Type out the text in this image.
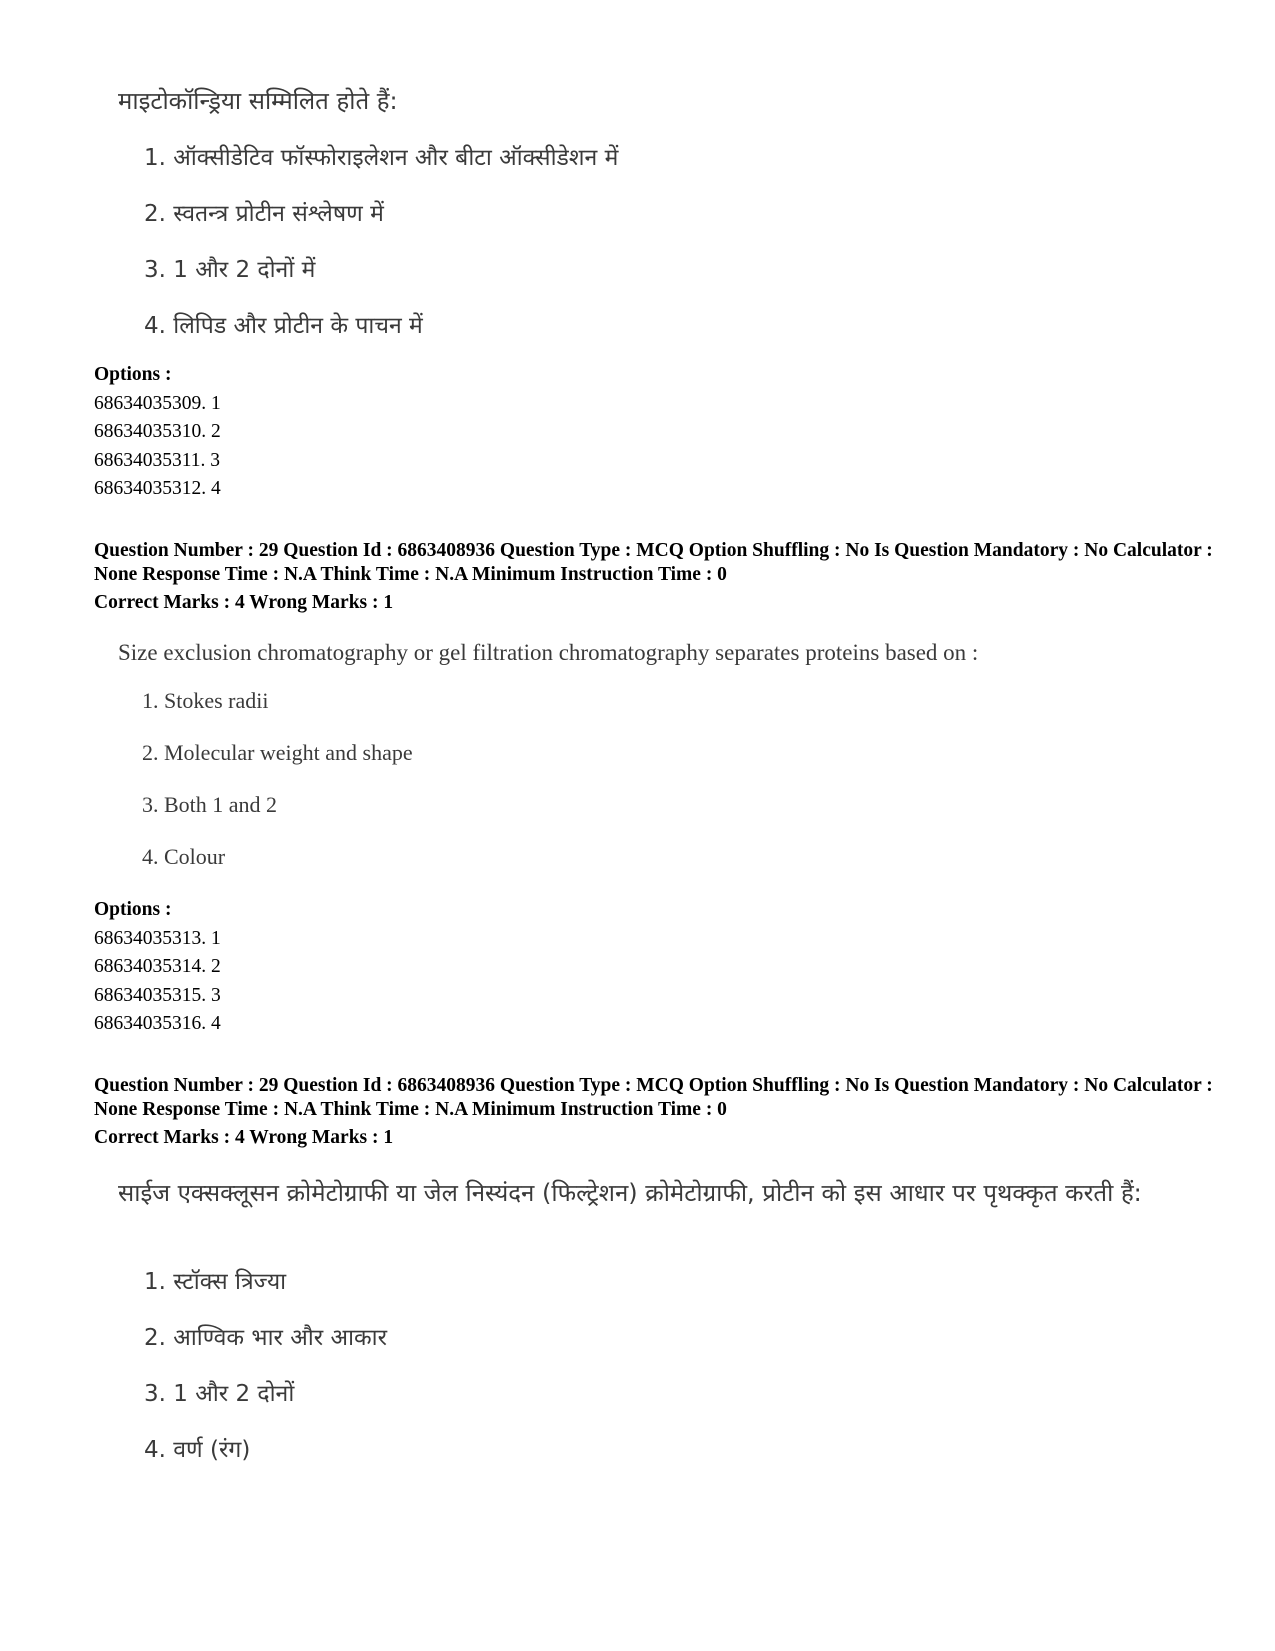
माइटोकॉन्ड्रिया सम्मिलित होते हैं:

1. ऑक्सीडेटिव फॉस्फोराइलेशन और बीटा ऑक्सीडेशन में
2. स्वतन्त्र प्रोटीन संश्लेषण में
3. 1 और 2 दोनों में
4. लिपिड और प्रोटीन के पाचन में
Options :
68634035309. 1
68634035310. 2
68634035311. 3
68634035312. 4

Question Number : 29 Question Id : 6863408936 Question Type : MCQ Option Shuffling : No Is Question Mandatory : No Calculator : None Response Time : N.A Think Time : N.A Minimum Instruction Time : 0

Correct Marks : 4 Wrong Marks : 1

Size exclusion chromatography or gel filtration chromatography separates proteins based on :

1. Stokes radii
2. Molecular weight and shape
3. Both 1 and 2
4. Colour
Options :
68634035313. 1
68634035314. 2
68634035315. 3
68634035316. 4

Question Number : 29 Question Id : 6863408936 Question Type : MCQ Option Shuffling : No Is Question Mandatory : No Calculator : None Response Time : N.A Think Time : N.A Minimum Instruction Time : 0

Correct Marks : 4 Wrong Marks : 1

साईज एक्सक्लूसन क्रोमेटोग्राफी या जेल निस्यंदन (फिल्ट्रेशन) क्रोमेटोग्राफी, प्रोटीन को इस आधार पर पृथक्कृत करती हैं:

1. स्टॉक्स त्रिज्या
2. आण्विक भार और आकार
3. 1 और 2 दोनों
4. वर्ण (रंग)
